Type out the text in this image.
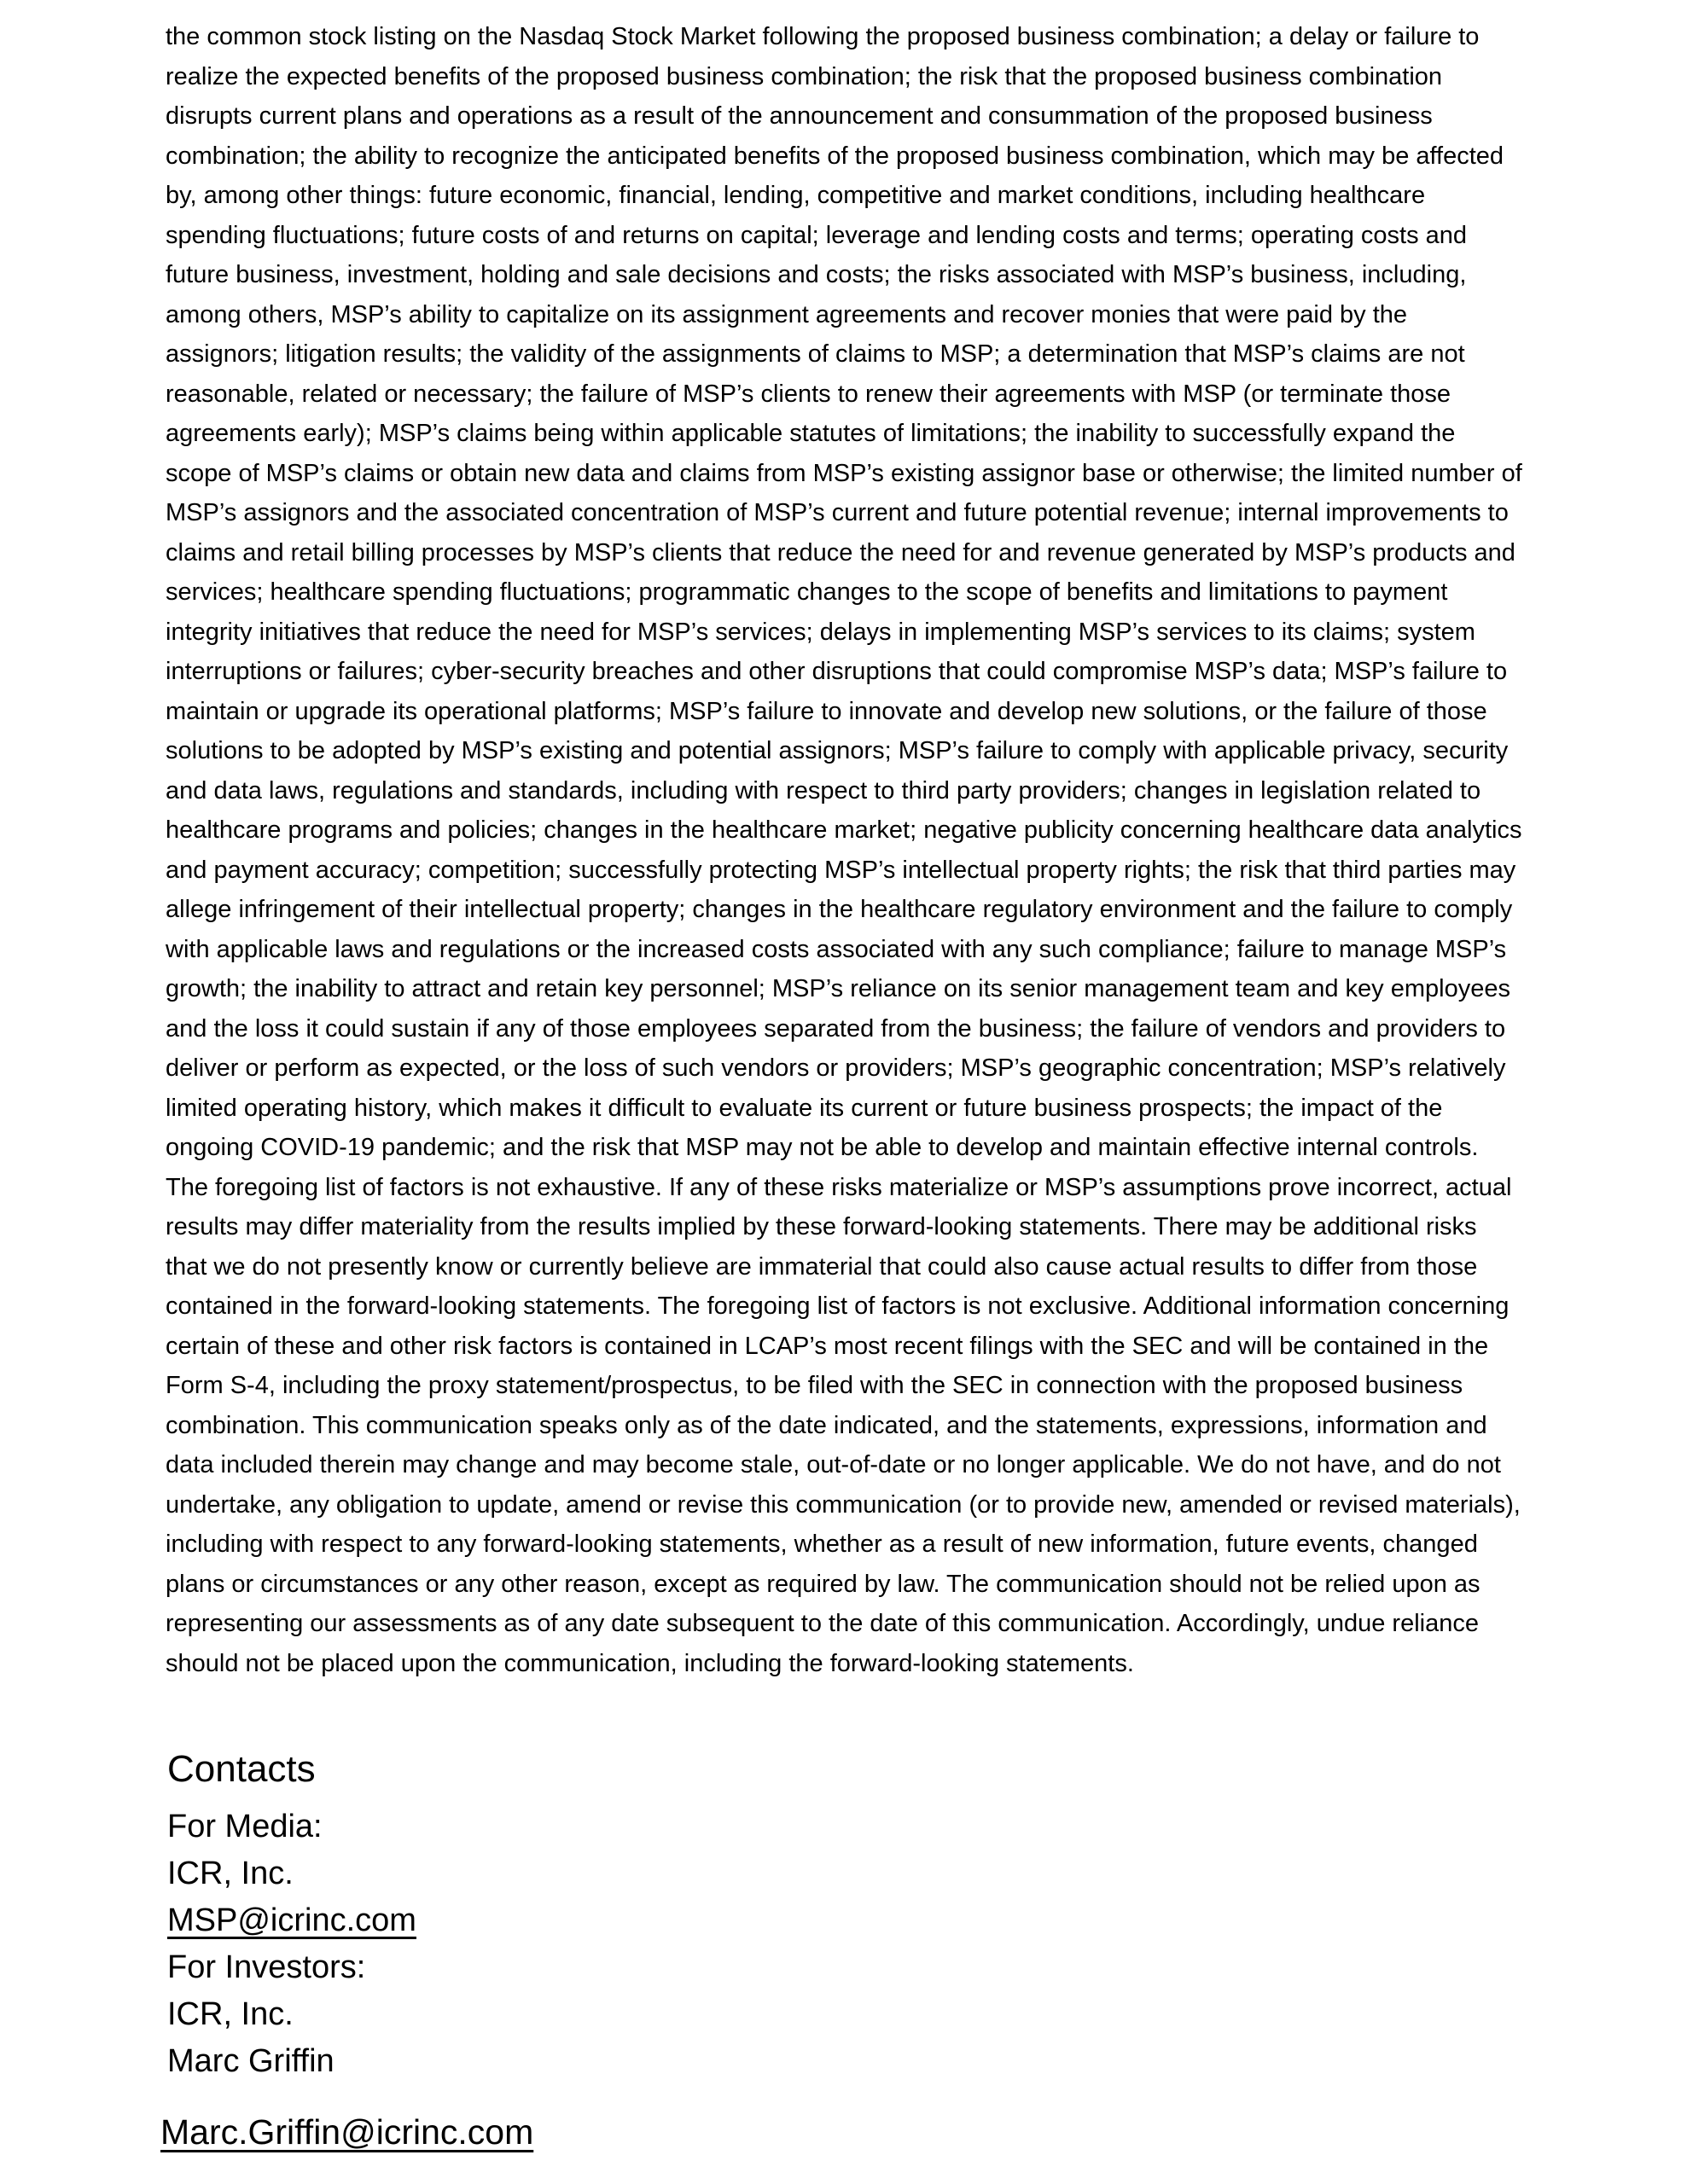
the common stock listing on the Nasdaq Stock Market following the proposed business combination; a delay or failure to realize the expected benefits of the proposed business combination; the risk that the proposed business combination disrupts current plans and operations as a result of the announcement and consummation of the proposed business combination; the ability to recognize the anticipated benefits of the proposed business combination, which may be affected by, among other things: future economic, financial, lending, competitive and market conditions, including healthcare spending fluctuations; future costs of and returns on capital; leverage and lending costs and terms; operating costs and future business, investment, holding and sale decisions and costs; the risks associated with MSP’s business, including, among others, MSP’s ability to capitalize on its assignment agreements and recover monies that were paid by the assignors; litigation results; the validity of the assignments of claims to MSP; a determination that MSP’s claims are not reasonable, related or necessary; the failure of MSP’s clients to renew their agreements with MSP (or terminate those agreements early); MSP’s claims being within applicable statutes of limitations; the inability to successfully expand the scope of MSP’s claims or obtain new data and claims from MSP’s existing assignor base or otherwise; the limited number of MSP’s assignors and the associated concentration of MSP’s current and future potential revenue; internal improvements to claims and retail billing processes by MSP’s clients that reduce the need for and revenue generated by MSP’s products and services; healthcare spending fluctuations; programmatic changes to the scope of benefits and limitations to payment integrity initiatives that reduce the need for MSP’s services; delays in implementing MSP’s services to its claims; system interruptions or failures; cyber-security breaches and other disruptions that could compromise MSP’s data; MSP’s failure to maintain or upgrade its operational platforms; MSP’s failure to innovate and develop new solutions, or the failure of those solutions to be adopted by MSP’s existing and potential assignors; MSP’s failure to comply with applicable privacy, security and data laws, regulations and standards, including with respect to third party providers; changes in legislation related to healthcare programs and policies; changes in the healthcare market; negative publicity concerning healthcare data analytics and payment accuracy; competition; successfully protecting MSP’s intellectual property rights; the risk that third parties may allege infringement of their intellectual property; changes in the healthcare regulatory environment and the failure to comply with applicable laws and regulations or the increased costs associated with any such compliance; failure to manage MSP’s growth; the inability to attract and retain key personnel; MSP’s reliance on its senior management team and key employees and the loss it could sustain if any of those employees separated from the business; the failure of vendors and providers to deliver or perform as expected, or the loss of such vendors or providers; MSP’s geographic concentration; MSP’s relatively limited operating history, which makes it difficult to evaluate its current or future business prospects; the impact of the ongoing COVID-19 pandemic; and the risk that MSP may not be able to develop and maintain effective internal controls. The foregoing list of factors is not exhaustive. If any of these risks materialize or MSP’s assumptions prove incorrect, actual results may differ materiality from the results implied by these forward-looking statements. There may be additional risks that we do not presently know or currently believe are immaterial that could also cause actual results to differ from those contained in the forward-looking statements. The foregoing list of factors is not exclusive. Additional information concerning certain of these and other risk factors is contained in LCAP’s most recent filings with the SEC and will be contained in the Form S-4, including the proxy statement/prospectus, to be filed with the SEC in connection with the proposed business combination. This communication speaks only as of the date indicated, and the statements, expressions, information and data included therein may change and may become stale, out-of-date or no longer applicable. We do not have, and do not undertake, any obligation to update, amend or revise this communication (or to provide new, amended or revised materials), including with respect to any forward-looking statements, whether as a result of new information, future events, changed plans or circumstances or any other reason, except as required by law. The communication should not be relied upon as representing our assessments as of any date subsequent to the date of this communication. Accordingly, undue reliance should not be placed upon the communication, including the forward-looking statements.

Contacts

For Media:

ICR, Inc.

MSP@icrinc.com

For Investors:

ICR, Inc.

Marc Griffin

Marc.Griffin@icrinc.com
